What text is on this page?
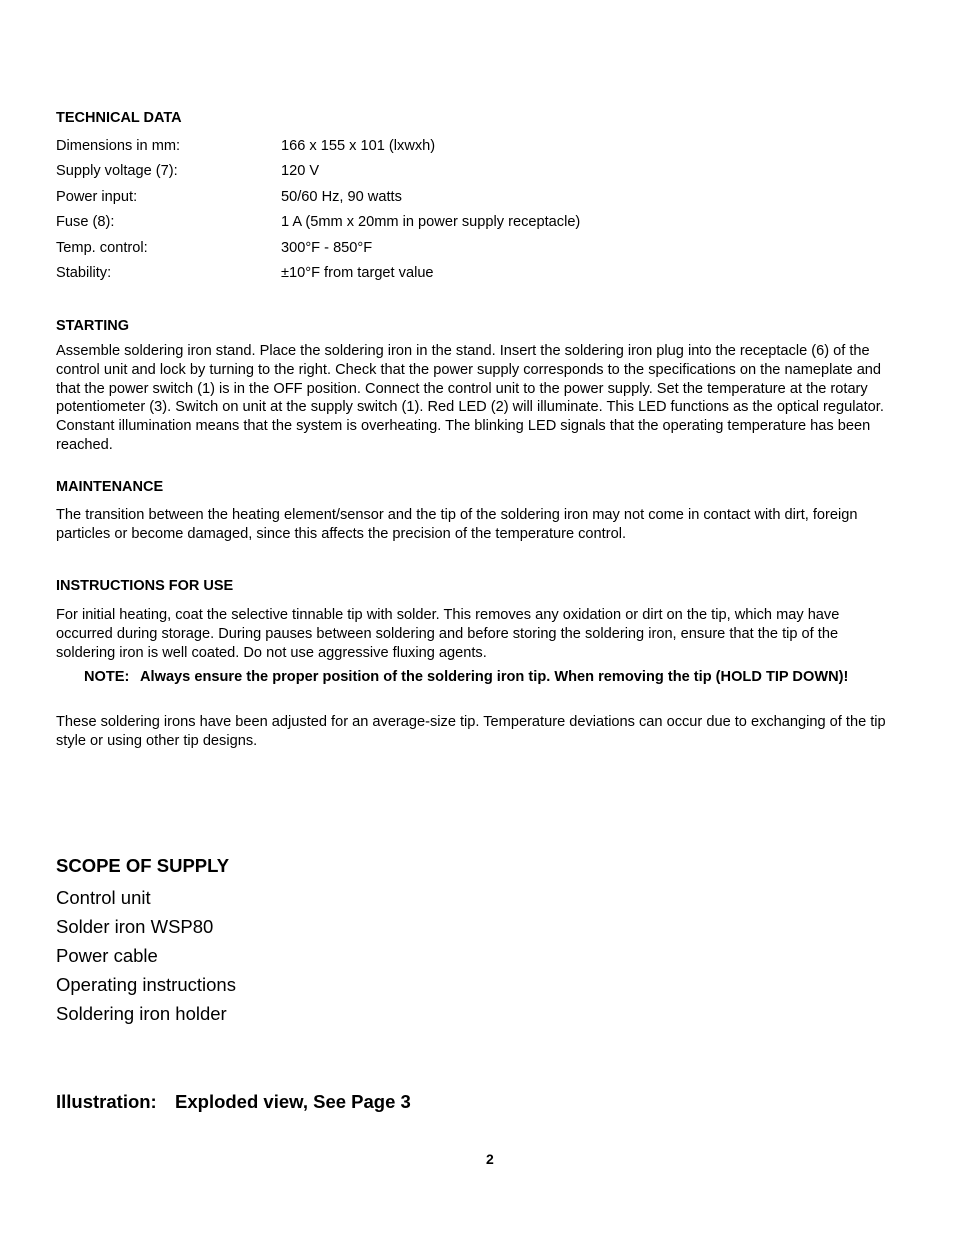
TECHNICAL DATA
Dimensions in mm:	166 x 155 x 101 (lxwxh)
Supply voltage (7):	120 V
Power input:	50/60 Hz, 90 watts
Fuse (8):	1 A (5mm x 20mm in power supply receptacle)
Temp. control:	300°F - 850°F
Stability:	±10°F from target value
STARTING

Assemble soldering iron stand. Place the soldering iron in the stand. Insert the soldering iron plug into the receptacle (6) of the control unit and lock by turning to the right. Check that the power supply corresponds to the specifications on the nameplate and that the power switch (1) is in the OFF position. Connect the control unit to the power supply. Set the temperature at the rotary potentiometer (3). Switch on unit at the supply switch (1). Red LED (2) will illuminate. This LED functions as the optical regulator. Constant illumination means that the system is overheating. The blinking LED signals that the operating temperature has been reached.

MAINTENANCE

The transition between the heating element/sensor and the tip of the soldering iron may not come in contact with dirt, foreign particles or become damaged, since this affects the precision of the temperature control.

INSTRUCTIONS FOR USE

For initial heating, coat the selective tinnable tip with solder. This removes any oxidation or dirt on the tip, which may have occurred during storage. During pauses between soldering and before storing the soldering iron, ensure that the tip of the soldering iron is well coated. Do not use aggressive fluxing agents.

NOTE: Always ensure the proper position of the soldering iron tip. When removing the tip (HOLD TIP DOWN)!

These soldering irons have been adjusted for an average-size tip. Temperature deviations can occur due to exchanging of the tip style or using other tip designs.

SCOPE OF SUPPLY
Control unit
Solder iron WSP80
Power cable
Operating instructions
Soldering iron holder
Illustration: Exploded view, See Page 3
2
